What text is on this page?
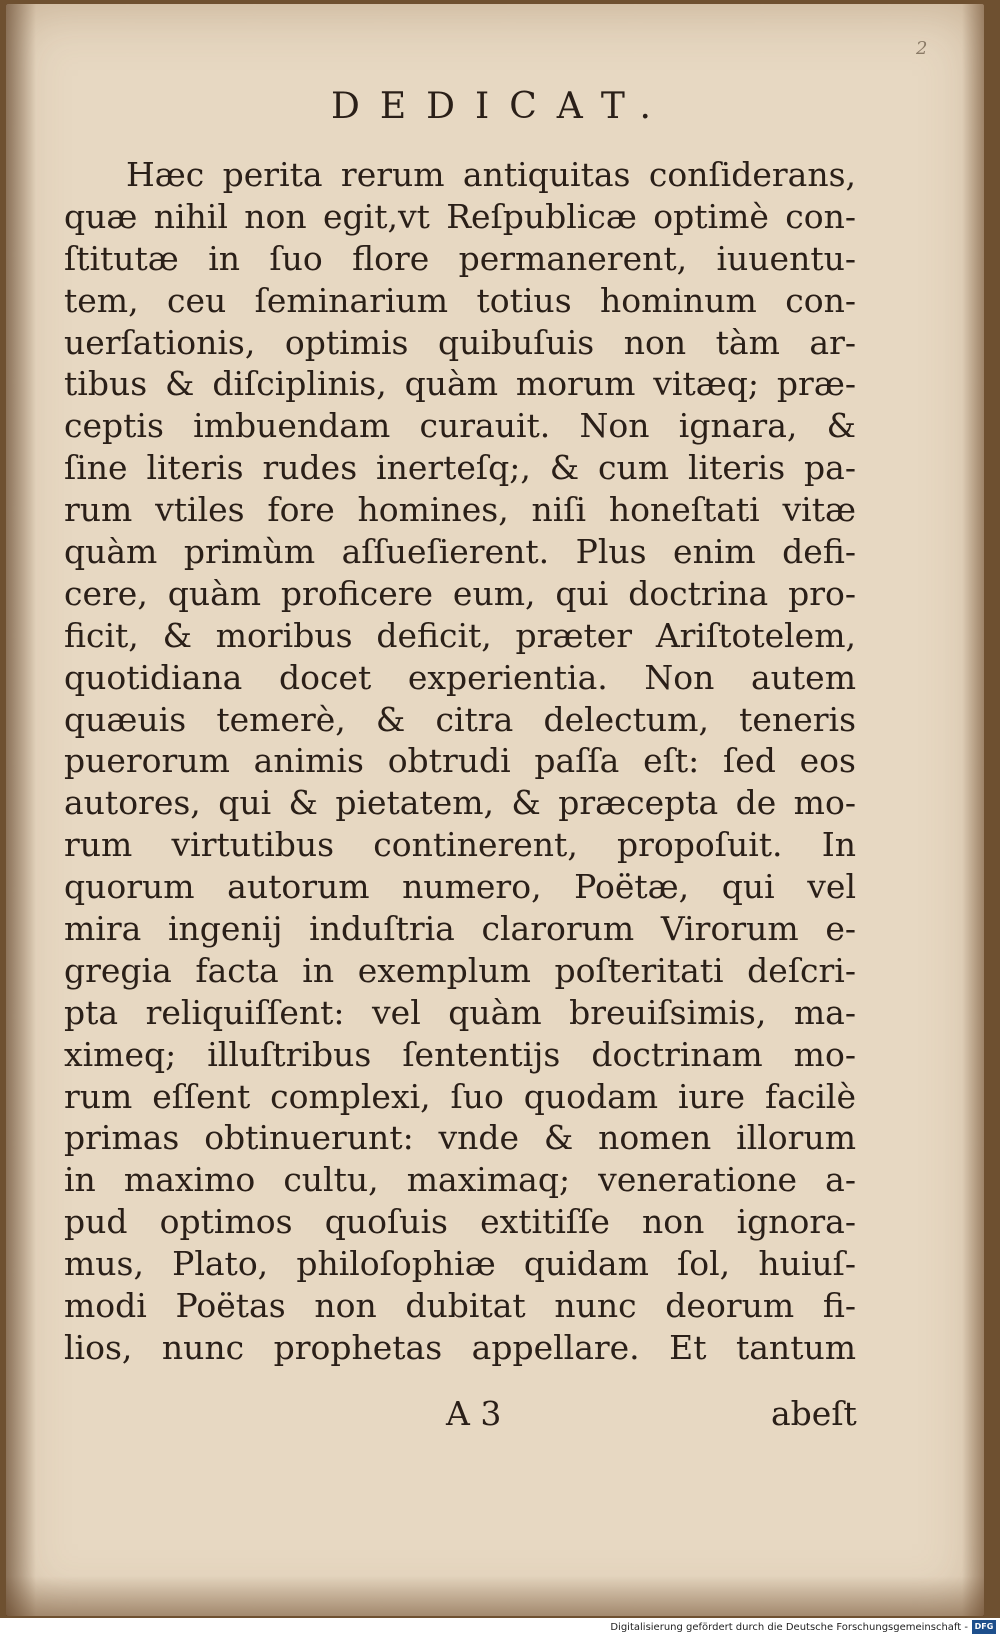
2
DEDICAT.
Hæc perita rerum antiquitas conſiderans,
quæ nihil non egit,vt Reſpublicæ optimè con-
ſtitutæ in ſuo flore permanerent, iuuentu-
tem, ceu ſeminarium totius hominum con-
uerſationis, optimis quibuſuis non tàm ar-
tibus & diſciplinis, quàm morum vitæq; præ-
ceptis imbuendam curauit. Non ignara, &
ſine literis rudes inerteſq;, & cum literis pa-
rum vtiles fore homines, niſi honeſtati vitæ
quàm primùm aſſueſierent. Plus enim defi-
cere, quàm proficere eum, qui doctrina pro-
ficit, & moribus deficit, præter Ariſtotelem,
quotidiana docet experientia. Non autem
quæuis temerè, & citra delectum, teneris
puerorum animis obtrudi paſſa eſt: ſed eos
autores, qui & pietatem, & præcepta de mo-
rum virtutibus continerent, propoſuit. In
quorum autorum numero, Poëtæ, qui vel
mira ingenij induſtria clarorum Virorum e-
gregia facta in exemplum poſteritati deſcri-
pta reliquiſſent: vel quàm breuiſsimis, ma-
ximeq; illuſtribus ſententijs doctrinam mo-
rum eſſent complexi, ſuo quodam iure facilè
primas obtinuerunt: vnde & nomen illorum
in maximo cultu, maximaq; veneratione a-
pud optimos quoſuis extitiſſe non ignora-
mus, Plato, philoſophiæ quidam ſol, huiuſ-
modi Poëtas non dubitat nunc deorum fi-
lios, nunc prophetas appellare. Et tantum
A 3	abeſt
Digitalisierung gefördert durch die Deutsche Forschungsgemeinschaft - DFG
